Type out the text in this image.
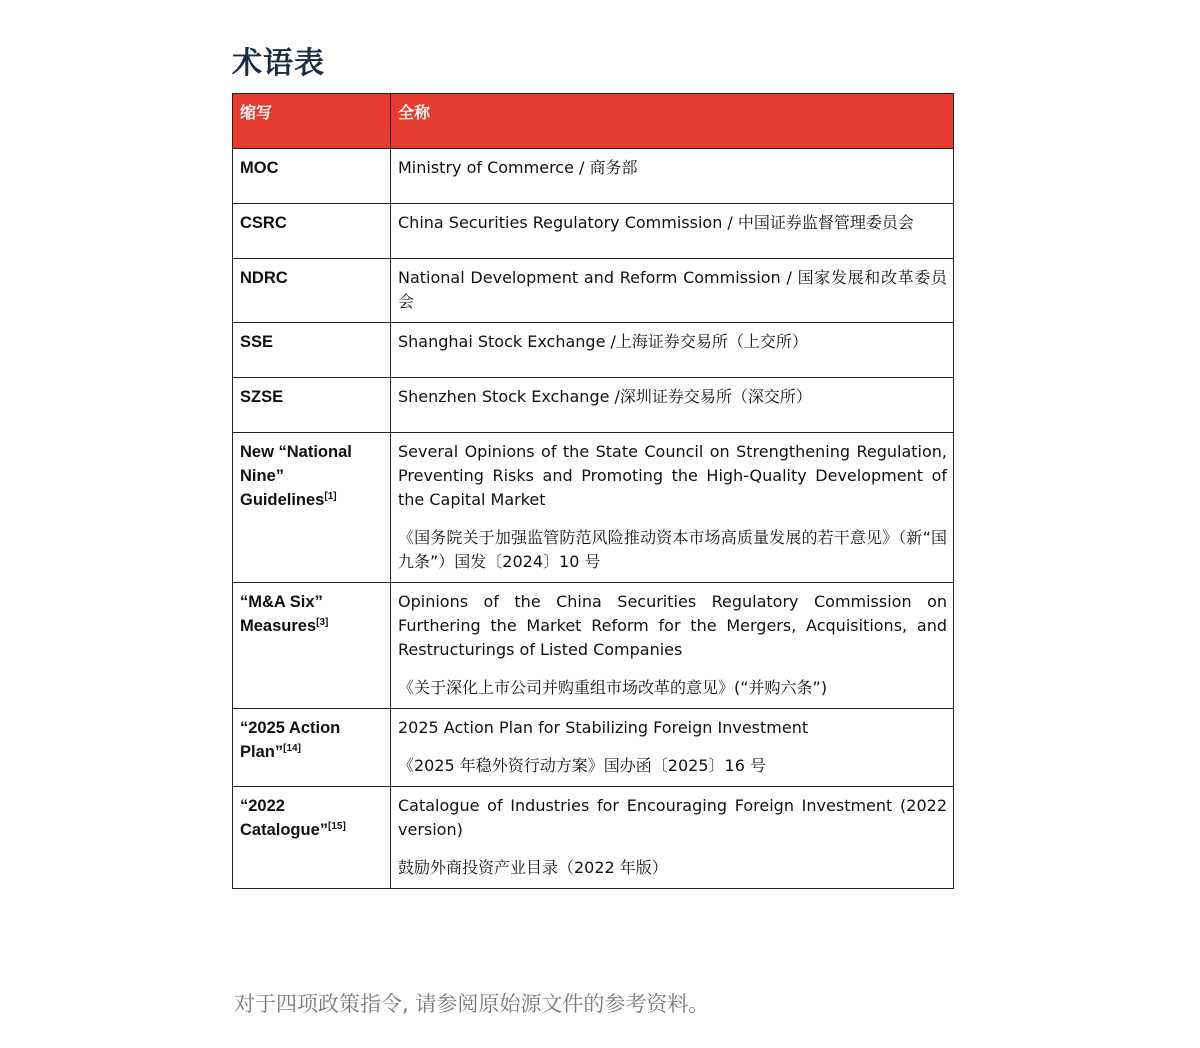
术语表
缩写	全称
MOC	Ministry of Commerce / 商务部

CSRC	China Securities Regulatory Commission / 中国证券监督管理委员会

NDRC	National Development and Reform Commission / 国家发展和改革委员会

SSE	Shanghai Stock Exchange /上海证券交易所（上交所）

SZSE	Shenzhen Stock Exchange /深圳证券交易所（深交所）

New “National Nine” Guidelines[1]	Several Opinions of the State Council on Strengthening Regulation, Preventing Risks and Promoting the High-Quality Development of the Capital Market

《国务院关于加强监管防范风险推动资本市场高质量发展的若干意见》（新“国九条”）国发〔2024〕10 号

“M&A Six” Measures[3]	Opinions of the China Securities Regulatory Commission on Furthering the Market Reform for the Mergers, Acquisitions, and Restructurings of Listed Companies

《关于深化上市公司并购重组市场改革的意见》(“并购六条”)

“2025 Action Plan”[14]	2025 Action Plan for Stabilizing Foreign Investment

《2025 年稳外资行动方案》国办函〔2025〕16 号

“2022 Catalogue”[15]	Catalogue of Industries for Encouraging Foreign Investment (2022 version)

鼓励外商投资产业目录（2022 年版）

对于四项政策指令, 请参阅原始源文件的参考资料。
